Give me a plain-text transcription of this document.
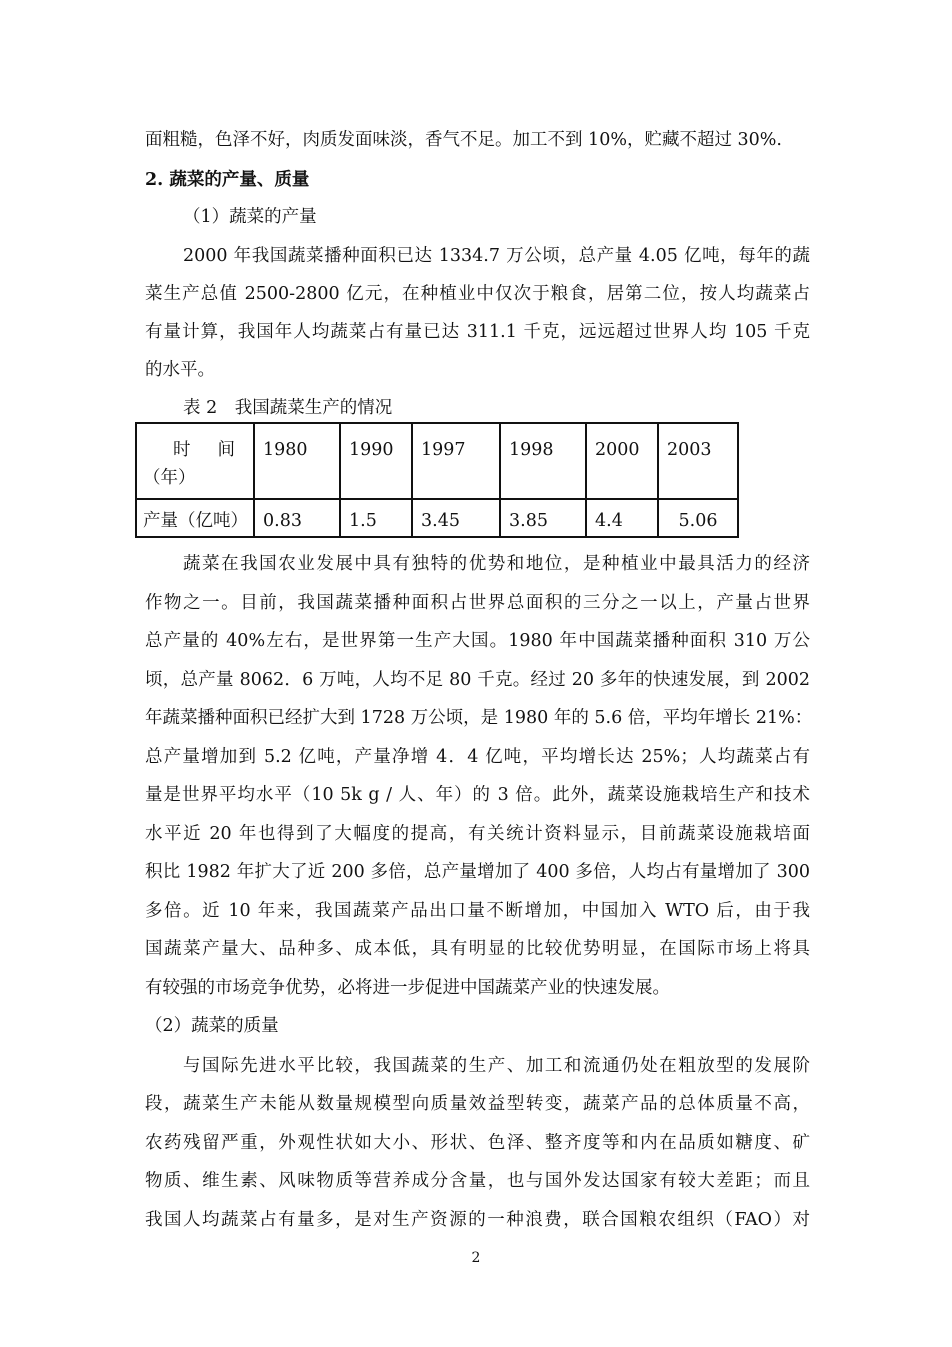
面粗糙，色泽不好，肉质发面味淡，香气不足。加工不到 10%，贮藏不超过 30%.
2. 蔬菜的产量、质量
（1）蔬菜的产量
2000 年我国蔬菜播种面积已达 1334.7 万公顷，总产量 4.05 亿吨，每年的蔬
菜生产总值 2500-2800 亿元，在种植业中仅次于粮食，居第二位，按人均蔬菜占
有量计算，我国年人均蔬菜占有量已达 311.1 千克，远远超过世界人均 105 千克
的水平。
表 2　我国蔬菜生产的情况
时 间
（年）	1980	1990	1997	1998	2000	2003
产量（亿吨）	0.83	1.5	3.45	3.85	4.4	5.06
蔬菜在我国农业发展中具有独特的优势和地位，是种植业中最具活力的经济
作物之一。目前，我国蔬菜播种面积占世界总面积的三分之一以上，产量占世界
总产量的 40%左右，是世界第一生产大国。1980 年中国蔬菜播种面积 310 万公
顷，总产量 8062．6 万吨，人均不足 80 千克。经过 20 多年的快速发展，到 2002
年蔬菜播种面积已经扩大到 1728 万公顷，是 1980 年的 5.6 倍，平均年增长 21%：
总产量增加到 5.2 亿吨，产量净增 4．4 亿吨，平均增长达 25%；人均蔬菜占有
量是世界平均水平（10 5k g / 人、年）的 3 倍。此外，蔬菜设施栽培生产和技术
水平近 20 年也得到了大幅度的提高，有关统计资料显示，目前蔬菜设施栽培面
积比 1982 年扩大了近 200 多倍，总产量增加了 400 多倍，人均占有量增加了 300
多倍。近 10 年来，我国蔬菜产品出口量不断增加，中国加入 WTO 后，由于我
国蔬菜产量大、品种多、成本低，具有明显的比较优势明显，在国际市场上将具
有较强的市场竞争优势，必将进一步促进中国蔬菜产业的快速发展。
（2）蔬菜的质量
与国际先进水平比较，我国蔬菜的生产、加工和流通仍处在粗放型的发展阶
段，蔬菜生产未能从数量规模型向质量效益型转变，蔬菜产品的总体质量不高，
农药残留严重，外观性状如大小、形状、色泽、整齐度等和内在品质如糖度、矿
物质、维生素、风味物质等营养成分含量，也与国外发达国家有较大差距；而且
我国人均蔬菜占有量多，是对生产资源的一种浪费，联合国粮农组织（FAO）对
2
